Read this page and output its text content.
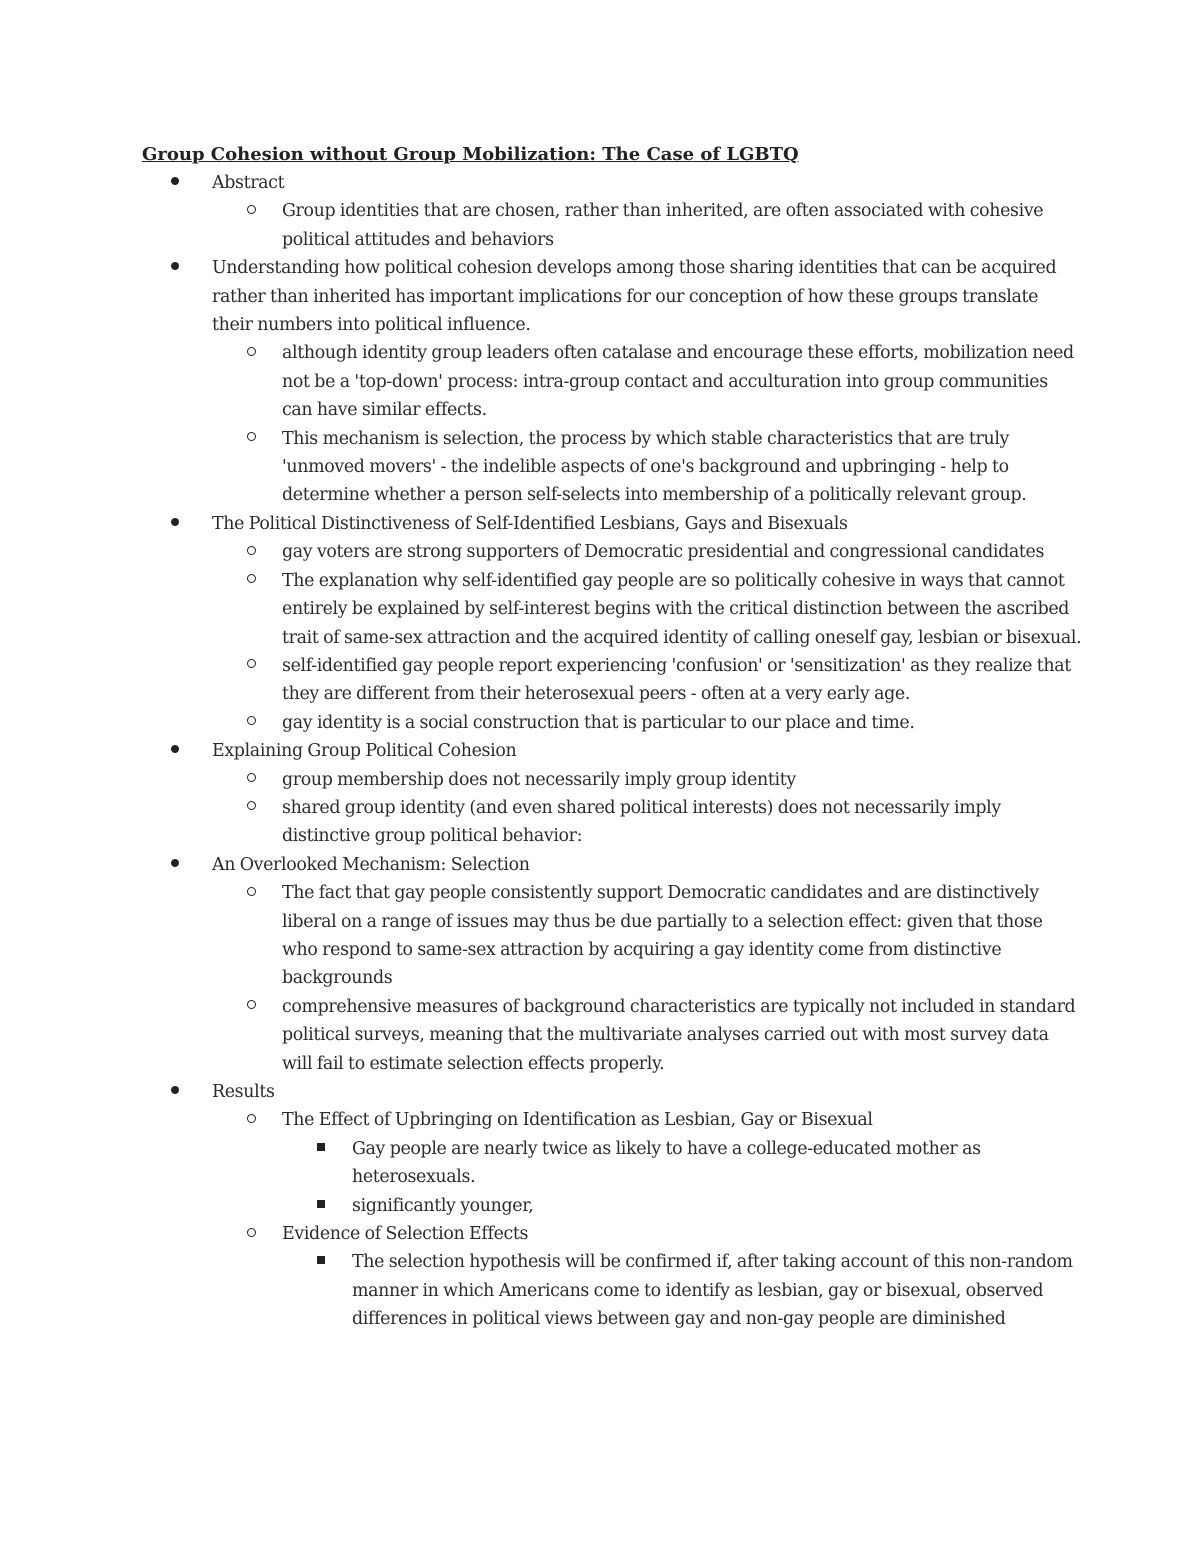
Group Cohesion without Group Mobilization: The Case of LGBTQ
Abstract
Group identities that are chosen, rather than inherited, are often associated with cohesive political attitudes and behaviors
Understanding how political cohesion develops among those sharing identities that can be acquired rather than inherited has important implications for our conception of how these groups translate their numbers into political influence.
although identity group leaders often catalase and encourage these efforts, mobilization need not be a 'top-down' process: intra-group contact and acculturation into group communities can have similar effects.
This mechanism is selection, the process by which stable characteristics that are truly 'unmoved movers' - the indelible aspects of one's background and upbringing - help to determine whether a person self-selects into membership of a politically relevant group.
The Political Distinctiveness of Self-Identified Lesbians, Gays and Bisexuals
gay voters are strong supporters of Democratic presidential and congressional candidates
The explanation why self-identified gay people are so politically cohesive in ways that cannot entirely be explained by self-interest begins with the critical distinction between the ascribed trait of same-sex attraction and the acquired identity of calling oneself gay, lesbian or bisexual.
self-identified gay people report experiencing 'confusion' or 'sensitization' as they realize that they are different from their heterosexual peers - often at a very early age.
gay identity is a social construction that is particular to our place and time.
Explaining Group Political Cohesion
group membership does not necessarily imply group identity
shared group identity (and even shared political interests) does not necessarily imply distinctive group political behavior:
An Overlooked Mechanism: Selection
The fact that gay people consistently support Democratic candidates and are distinctively liberal on a range of issues may thus be due partially to a selection effect: given that those who respond to same-sex attraction by acquiring a gay identity come from distinctive backgrounds
comprehensive measures of background characteristics are typically not included in standard political surveys, meaning that the multivariate analyses carried out with most survey data will fail to estimate selection effects properly.
Results
The Effect of Upbringing on Identification as Lesbian, Gay or Bisexual
Gay people are nearly twice as likely to have a college-educated mother as heterosexuals.
significantly younger,
Evidence of Selection Effects
The selection hypothesis will be confirmed if, after taking account of this non-random manner in which Americans come to identify as lesbian, gay or bisexual, observed differences in political views between gay and non-gay people are diminished
